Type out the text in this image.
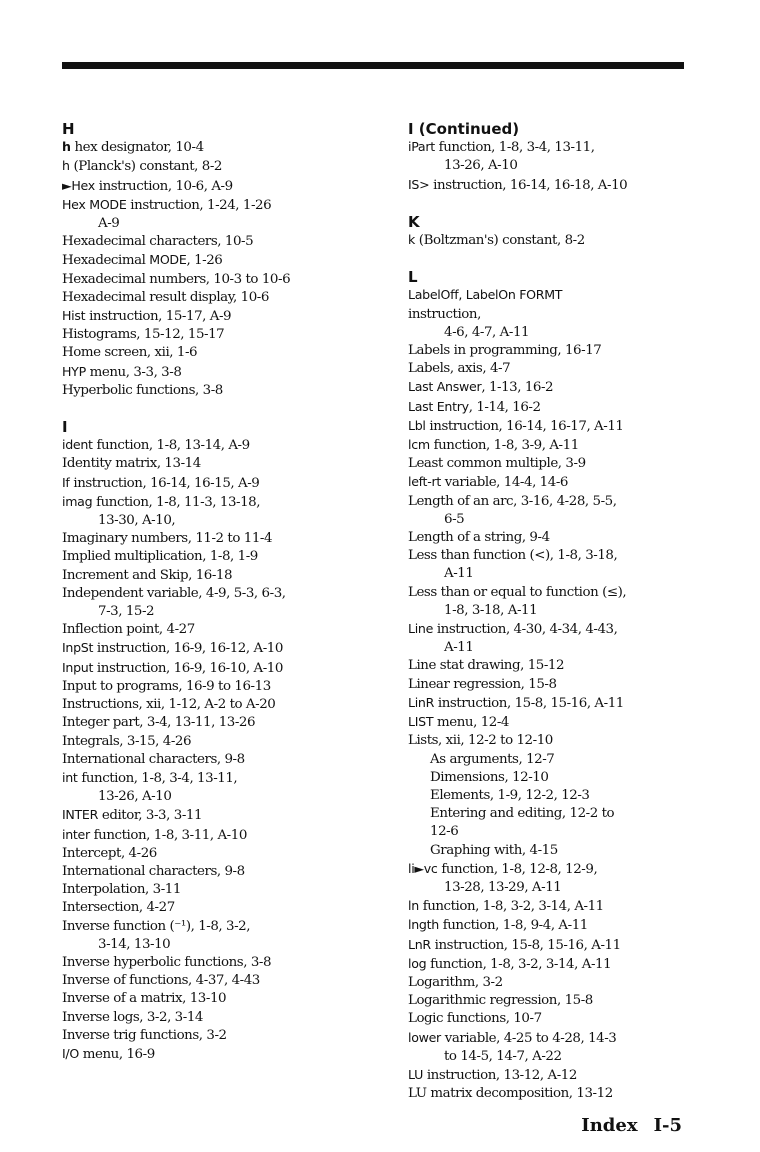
H
h hex designator, 10-4
h (Planck's) constant, 8-2
►Hex instruction, 10-6, A-9
Hex MODE instruction, 1-24, 1-26
A-9
Hexadecimal characters, 10-5
Hexadecimal MODE, 1-26
Hexadecimal numbers, 10-3 to 10-6
Hexadecimal result display, 10-6
Hist instruction, 15-17, A-9
Histograms, 15-12, 15-17
Home screen, xii, 1-6
HYP menu, 3-3, 3-8
Hyperbolic functions, 3-8
I
ident function, 1-8, 13-14, A-9
Identity matrix, 13-14
If instruction, 16-14, 16-15, A-9
imag function, 1-8, 11-3, 13-18,
13-30, A-10,
Imaginary numbers, 11-2 to 11-4
Implied multiplication, 1-8, 1-9
Increment and Skip, 16-18
Independent variable, 4-9, 5-3, 6-3,
7-3, 15-2
Inflection point, 4-27
InpSt instruction, 16-9, 16-12, A-10
Input instruction, 16-9, 16-10, A-10
Input to programs, 16-9 to 16-13
Instructions, xii, 1-12, A-2 to A-20
Integer part, 3-4, 13-11, 13-26
Integrals, 3-15, 4-26
International characters, 9-8
int function, 1-8, 3-4, 13-11,
13-26, A-10
INTER editor, 3-3, 3-11
inter function, 1-8, 3-11, A-10
Intercept, 4-26
International characters, 9-8
Interpolation, 3-11
Intersection, 4-27
Inverse function (⁻¹), 1-8, 3-2,
3-14, 13-10
Inverse hyperbolic functions, 3-8
Inverse of functions, 4-37, 4-43
Inverse of a matrix, 13-10
Inverse logs, 3-2, 3-14
Inverse trig functions, 3-2
I/O menu, 16-9
I (Continued)
iPart function, 1-8, 3-4, 13-11,
13-26, A-10
IS> instruction, 16-14, 16-18, A-10
K
k (Boltzman's) constant, 8-2
L
LabelOff, LabelOn FORMT
instruction,
4-6, 4-7, A-11
Labels in programming, 16-17
Labels, axis, 4-7
Last Answer, 1-13, 16-2
Last Entry, 1-14, 16-2
Lbl instruction, 16-14, 16-17, A-11
lcm function, 1-8, 3-9, A-11
Least common multiple, 3-9
left-rt variable, 14-4, 14-6
Length of an arc, 3-16, 4-28, 5-5,
6-5
Length of a string, 9-4
Less than function (<), 1-8, 3-18,
A-11
Less than or equal to function (≤),
1-8, 3-18, A-11
Line instruction, 4-30, 4-34, 4-43,
A-11
Line stat drawing, 15-12
Linear regression, 15-8
LinR instruction, 15-8, 15-16, A-11
LIST menu, 12-4
Lists, xii, 12-2 to 12-10
As arguments, 12-7
Dimensions, 12-10
Elements, 1-9, 12-2, 12-3
Entering and editing, 12-2 to
12-6
Graphing with, 4-15
li►vc function, 1-8, 12-8, 12-9,
13-28, 13-29, A-11
ln function, 1-8, 3-2, 3-14, A-11
lngth function, 1-8, 9-4, A-11
LnR instruction, 15-8, 15-16, A-11
log function, 1-8, 3-2, 3-14, A-11
Logarithm, 3-2
Logarithmic regression, 15-8
Logic functions, 10-7
lower variable, 4-25 to 4-28, 14-3
to 14-5, 14-7, A-22
LU instruction, 13-12, A-12
LU matrix decomposition, 13-12
Index I-5
